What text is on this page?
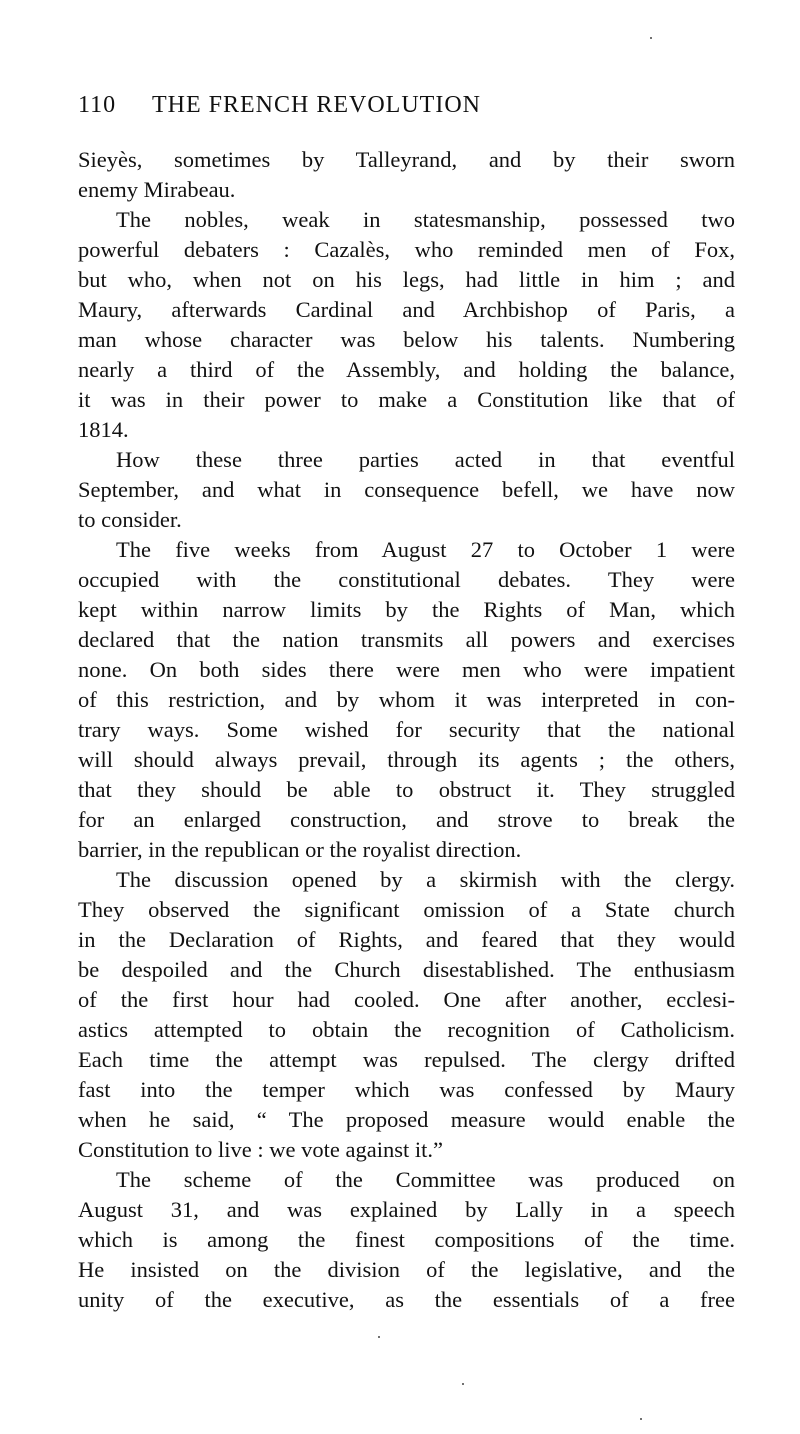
110 THE FRENCH REVOLUTION
Sieyès, sometimes by Talleyrand, and by their sworn
enemy Mirabeau.
The nobles, weak in statesmanship, possessed two
powerful debaters : Cazalès, who reminded men of Fox,
but who, when not on his legs, had little in him ; and
Maury, afterwards Cardinal and Archbishop of Paris, a
man whose character was below his talents. Numbering
nearly a third of the Assembly, and holding the balance,
it was in their power to make a Constitution like that of
1814.
How these three parties acted in that eventful
September, and what in consequence befell, we have now
to consider.
The five weeks from August 27 to October 1 were
occupied with the constitutional debates. They were
kept within narrow limits by the Rights of Man, which
declared that the nation transmits all powers and exercises
none. On both sides there were men who were impatient
of this restriction, and by whom it was interpreted in con-
trary ways. Some wished for security that the national
will should always prevail, through its agents ; the others,
that they should be able to obstruct it. They struggled
for an enlarged construction, and strove to break the
barrier, in the republican or the royalist direction.
The discussion opened by a skirmish with the clergy.
They observed the significant omission of a State church
in the Declaration of Rights, and feared that they would
be despoiled and the Church disestablished. The enthusiasm
of the first hour had cooled. One after another, ecclesi-
astics attempted to obtain the recognition of Catholicism.
Each time the attempt was repulsed. The clergy drifted
fast into the temper which was confessed by Maury
when he said, “ The proposed measure would enable the
Constitution to live : we vote against it.”
The scheme of the Committee was produced on
August 31, and was explained by Lally in a speech
which is among the finest compositions of the time.
He insisted on the division of the legislative, and the
unity of the executive, as the essentials of a free
